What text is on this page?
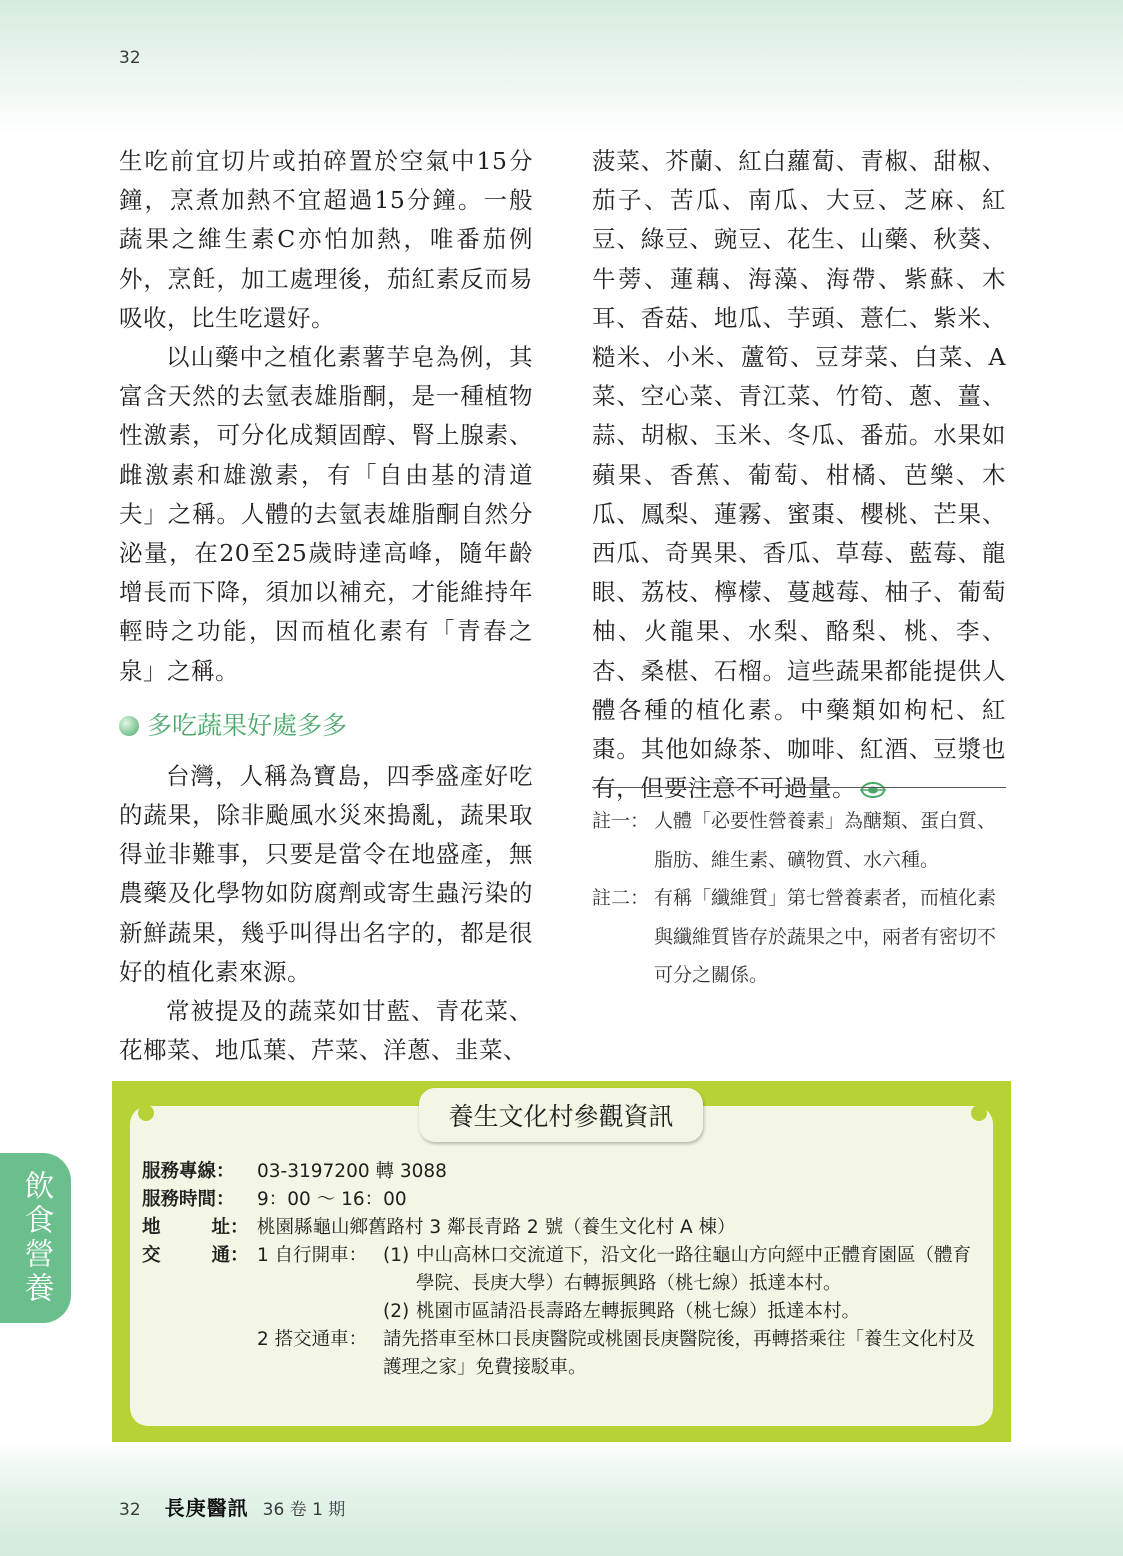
32

生吃前宜切片或拍碎置於空氣中15分鐘，烹煮加熱不宜超過15分鐘。一般蔬果之維生素C亦怕加熱，唯番茄例外，烹飪，加工處理後，茄紅素反而易吸收，比生吃還好。

以山藥中之植化素薯芋皂為例，其富含天然的去氫表雄脂酮，是一種植物性激素，可分化成類固醇、腎上腺素、雌激素和雄激素，有「自由基的清道夫」之稱。人體的去氫表雄脂酮自然分泌量，在20至25歲時達高峰，隨年齡增長而下降，須加以補充，才能維持年輕時之功能，因而植化素有「青春之泉」之稱。

多吃蔬果好處多多

台灣，人稱為寶島，四季盛產好吃的蔬果，除非颱風水災來搗亂，蔬果取得並非難事，只要是當令在地盛產，無農藥及化學物如防腐劑或寄生蟲污染的新鮮蔬果，幾乎叫得出名字的，都是很好的植化素來源。

常被提及的蔬菜如甘藍、青花菜、花椰菜、地瓜葉、芹菜、洋蔥、韭菜、

菠菜、芥蘭、紅白蘿蔔、青椒、甜椒、茄子、苦瓜、南瓜、大豆、芝麻、紅豆、綠豆、豌豆、花生、山藥、秋葵、牛蒡、蓮藕、海藻、海帶、紫蘇、木耳、香菇、地瓜、芋頭、薏仁、紫米、糙米、小米、蘆筍、豆芽菜、白菜、A菜、空心菜、青江菜、竹筍、蔥、薑、蒜、胡椒、玉米、冬瓜、番茄。水果如蘋果、香蕉、葡萄、柑橘、芭樂、木瓜、鳳梨、蓮霧、蜜棗、櫻桃、芒果、西瓜、奇異果、香瓜、草莓、藍莓、龍眼、荔枝、檸檬、蔓越莓、柚子、葡萄柚、火龍果、水梨、酪梨、桃、李、杏、桑椹、石榴。這些蔬果都能提供人體各種的植化素。中藥類如枸杞、紅棗。其他如綠茶、咖啡、紅酒、豆漿也有，但要注意不可過量。

註一： 人體「必要性營養素」為醣類、蛋白質、脂肪、維生素、礦物質、水六種。
註二： 有稱「纖維質」第七營養素者，而植化素與纖維質皆存於蔬果之中，兩者有密切不可分之關係。
飲食營養
養生文化村參觀資訊
服務專線：	03-3197200 轉 3088
服務時間：	9：00 ～ 16：00
地	址 ： 桃園縣龜山鄉舊路村 3 鄰長青路 2 號（養生文化村 A 棟）
交	通 ： 1 自行開車： (1) 中山高林口交流道下，沿文化一路往龜山方向經中正體育園區（體育學院、長庚大學）右轉振興路（桃七線）抵達本村。
(2) 桃園市區請沿長壽路左轉振興路（桃七線）抵達本村。
2 搭交通車： 請先搭車至林口長庚醫院或桃園長庚醫院後，再轉搭乘往「養生文化村及護理之家」免費接駁車。
32 長庚醫訊 36 卷 1 期
